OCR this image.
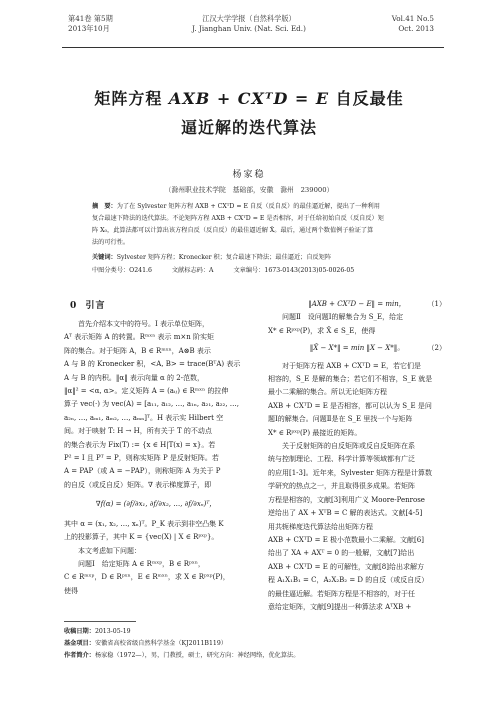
第41卷 第5期
2013年10月
江汉大学学报（自然科学版）
J. Jianghan Univ. (Nat. Sci. Ed.)
Vol.41 No.5
Oct. 2013
矩阵方程 AXB + CXᵀD = E 自反最佳
逼近解的迭代算法
杨家稳
（滁州职业技术学院　基础部，安徽　滁州　239000）
摘　要：为了在 Sylvester 矩阵方程 AXB + CXᵀD = E 自反（反自反）的最佳逼近解，提出了一种利用
复合最速下降法的迭代算法。不论矩阵方程 AXB + CXᵀD = E 是否相容，对于任给初始自反（反自反）矩
阵 X₀，此算法都可以计算出该方程自反（反自反）的最佳逼近解 X̂。最后，通过两个数值例子验证了算
法的可行性。
关键词：Sylvester 矩阵方程；Kronecker 积；复合最速下降法；最佳逼近；自反矩阵
中图分类号：O241.6	文献标志码：A	文章编号：1673-0143(2013)05-0026-05
0 引言
首先介绍本文中的符号。I 表示单位矩阵，
Aᵀ 表示矩阵 A 的转置。Rᵐˣⁿ 表示 m×n 阶实矩
阵的集合。对于矩阵 A，B ∈ Rᵐˣⁿ，A⊗B 表示
A 与 B 的 Kronecker 积，<A, B> = trace(BᵀA) 表示
A 与 B 的内积。‖α‖ 表示向量 α 的 2-范数，
‖α‖² = <α, α>。定义矩阵 A = (aᵢⱼ) ∈ Rᵐˣⁿ 的拉伸
算子 vec(·) 为 vec(A) = [a₁₁, a₁₂, …, a₁ₙ, a₂₁, a₂₂, …,
a₂ₙ, …, aₘ₁, aₘ₂, …, aₘₙ]ᵀ。H 表示实 Hilbert 空
间。对于映射 T: H → H，所有关于 T 的不动点
的集合表示为 Fix(T) := {x ∈ H|T(x) = x}。若
P² = I 且 Pᵀ = P，则称实矩阵 P 是反射矩阵。若
A = PAP（或 A = −PAP），则称矩阵 A 为关于 P
的自反（或反自反）矩阵。∇ 表示梯度算子，即
∇f(α) = (∂f/∂x₁, ∂f/∂x₂, …, ∂f/∂xₙ)ᵀ，
其中 α = (x₁, x₂, …, xₙ)ᵀ。P_K 表示到非空凸集 K
上的投影算子，其中 K = {vec(X) | X ∈ Rᵖˣᵖ}。
本文考虑如下问题：
问题Ⅰ　给定矩阵 A ∈ Rᵐˣᵖ，B ∈ Rᵖˣⁿ，
C ∈ Rᵐˣᵖ，D ∈ Rᵖˣⁿ，E ∈ Rᵐˣⁿ，求 X ∈ Rᵖˣᵖ(P)，
使得
‖AXB + CXᵀD − E‖ = min，	（1）
问题Ⅱ　设问题Ⅰ的解集合为 S_E，给定
X* ∈ Rᵖˣᵖ(P)，求 X̂ ∈ S_E，使得
‖X̂ − X*‖ = min ‖X − X*‖。	（2）
对于矩阵方程 AXB + CXᵀD = E，若它们是
相容的，S_E 是解的集合；若它们不相容，S_E 就是
最小二乘解的集合。所以无论矩阵方程
AXB + CXᵀD = E 是否相容，都可以认为 S_E 是问
题Ⅰ的解集合。问题Ⅱ是在 S_E 里找一个与矩阵
X* ∈ Rᵖˣᵖ(P) 最接近的矩阵。
关于反射矩阵的自反矩阵或反自反矩阵在系
统与控制理论、工程、科学计算等领域都有广泛
的应用[1-3]。近年来，Sylvester 矩阵方程是计算数
学研究的热点之一，并且取得很多成果。若矩阵
方程是相容的，文献[3]利用广义 Moore-Penrose
逆给出了 AX + XᵀB = C 解的表达式。文献[4-5]
用共轭梯度迭代算法给出矩阵方程
AXB + CXᵀD = E 极小范数最小二乘解。文献[6]
给出了 XA + AXᵀ = 0 的一般解，文献[7]给出
AXB + CXᵀD = E 的可解性，文献[8]给出求解方
程 A₁X₁B₁ = C，A₂X₂B₂ = D 的自反（或反自反）
的最佳逼近解。若矩阵方程是不相容的，对于任
意给定矩阵，文献[9]提出一种算法求 AᵀXB +
收稿日期：2013-05-19
基金项目：安徽省高校省级自然科学基金（KJ2011B119）
作者简介：杨家稳（1972—），男，门教授，硕士，研究方向：神经网络，优化算法。
